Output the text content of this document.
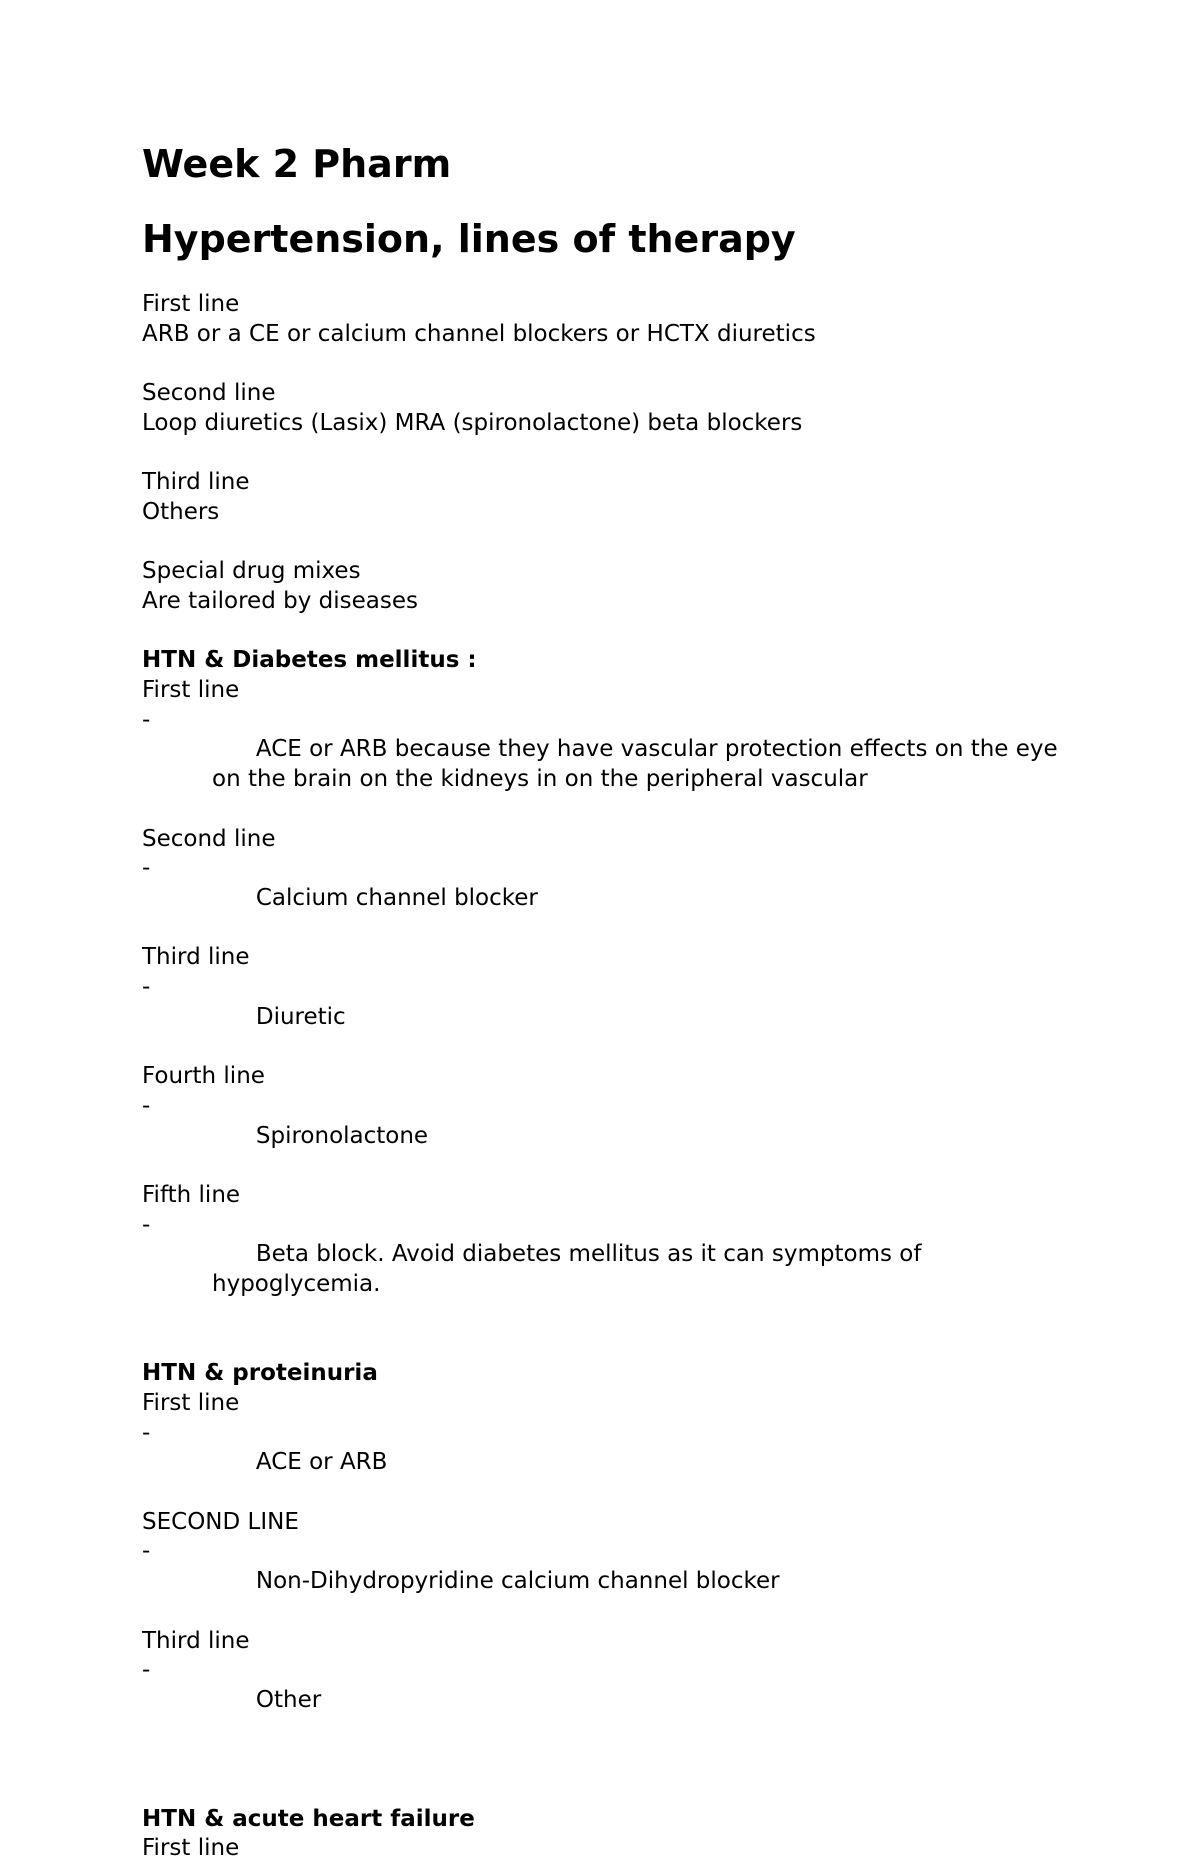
Week 2 Pharm
Hypertension, lines of therapy
First line
ARB or a CE or calcium channel blockers or HCTX diuretics
Second line
Loop diuretics (Lasix) MRA (spironolactone) beta blockers
Third line
Others
Special drug mixes
Are tailored by diseases
HTN & Diabetes mellitus :
First line

-
ACE or ARB because they have vascular protection effects on the eye on the brain on the kidneys in on the peripheral vascular

Second line

-
Calcium channel blocker

Third line

-
Diuretic

Fourth line

-
Spironolactone

Fifth line

-
Beta block. Avoid diabetes mellitus as it can symptoms of hypoglycemia.

HTN & proteinuria
First line

-
ACE or ARB

SECOND LINE

-
Non-Dihydropyridine calcium channel blocker

Third line

-
Other

HTN & acute heart failure
First line
